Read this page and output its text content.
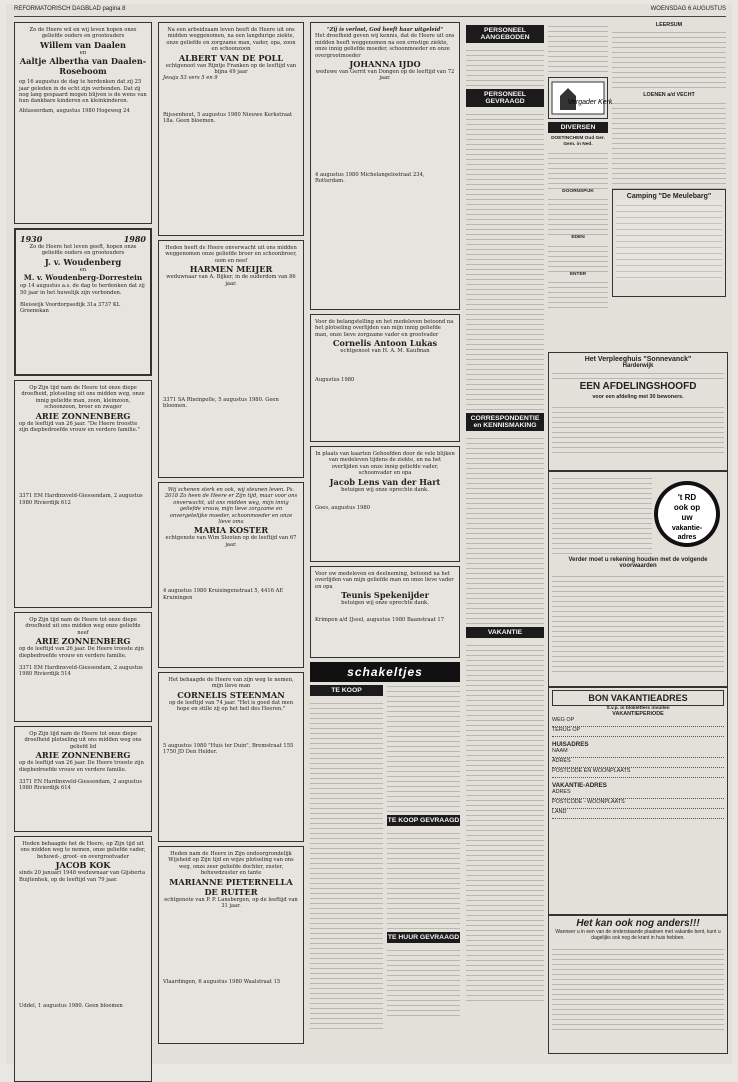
REFORMATORISCH DAGBLAD pagina 8	WOENSDAG 6 AUGUSTUS
Zo de Heere wil en wij leven hopen onze geliefde ouders en grootouders
Willem van Daalen
en
Aaltje Albertha van Daalen-Roseboom
op 16 augustus de dag te herdenken dat zij 25 jaar geleden in de echt zijn verbonden. Dat zij nog lang gespaard mogen blijven is de wens van hun dankbare kinderen en kleinkinderen.
Ablasserdam, augustus 1980 Hogeweg 24
1930	1980
Zo de Heere het leven geeft, hopen onze geliefde ouders en grootouders
J. v. Woudenberg
en
M. v. Woudenberg-Dorrestein
op 14 augustus a.s. de dag te herdenken dat zij 50 jaar in het huwelijk zijn verbonden.
Bleiswijk Voordorpsedijk 31a 3737 KL Groenekan
Op Zijn tijd nam de Heere tot onze diepe droefheid, plotseling uit ons midden weg, onze innig geliefde man, zoon, kleinzoon, schoonzoon, broer en zwager
ARIE ZONNENBERG
op de leeftijd van 26 jaar. "De Heere troostte zijn diepbedroefde vrouw en verdere familie."
3371 EM Hardinxveld-Giessendam, 2 augustus 1980 Rivierdijk 612
Op Zijn tijd nam de Heere tot onze diepe droefheid uit ons midden weg onze geliefde neef
ARIE ZONNENBERG
op de leeftijd van 26 jaar. De Heere trooste zijn diepbedroefde vrouw en verdere familie.
3371 EM Hardinxveld-Giessendam, 2 augustus 1980 Rivierdijk 514
Op Zijn tijd nam de Heere tot onze diepe droefheid plotseling uit ons midden weg ons geliefd lid
ARIE ZONNENBERG
op de leeftijd van 26 jaar. De Heere trooste zijn diepbedroefde vrouw en verdere familie.
3371 EN Hardinxveld-Giessendam, 2 augustus 1980 Rivierdijk 614
Heden behaagde het de Heere, op Zijn tijd uit ons midden weg te nemen, onze geliefde vader, behuwd-, groot- en overgrootvader
JACOB KOK
sinds 20 januari 1948 weduwnaar van Gijsberta Buijtenhek, op de leeftijd van 79 jaar.
Uddel, 1 augustus 1980. Geen bloemen
Na een arbeidzaam leven heeft de Heere uit ons midden weggenomen, na een langdurige ziekte, onze geliefde en zorgzame man, vader, opa, zoon en schoonzoon
ALBERT VAN DE POLL
echtgenoot van Rijntje Franken op de leeftijd van bijna 49 jaar
Jesaja 53 vers 5 en 9
Rijssenhout, 5 augustus 1980 Nieuwe Kerkstraat 18a. Geen bloemen.
Heden heeft de Heere onverwacht uit ons midden weggenomen onze geliefde broer en schoonbroer, oom en neef
HARMEN MEIJER
weduwnaar van A. Bijker, in de ouderdom van 86 jaar.
3371 SA Rheinpolle, 5 augustus 1980. Geen bloemen.
Wij schenen sterk en ook, wij steunen leven. Ps. 2018 Zo heen de Heere er Zijn tijd, maar voor ons onverwacht, uit ons midden weg, mijn innig geliefde vrouw, mijn lieve zorgzame en onvergetelijke moeder, schoonmoeder en onze lieve oma
MARIA KOSTER
echtgenote van Wim Slooten op de leeftijd van 67 jaar.
4 augustus 1980 Kruisingenstraat 5, 4416 AE Kruiningen
Het behaagde de Heere van zijn weg te nemen, mijn lieve man
CORNELIS STEENMAN
op de leeftijd van 74 jaar. "Het is goed dat men hope en stille zij op het heil des Heeren."
5 augustus 1980 "Huis ter Duin", Bremstraat 155 1750 JD Den Helder.
Heden nam de Heere in Zijn ondoorgrondelijk Wijsheid op Zijn tijd en wijze plotseling van ons weg, onze zeer geliefde dochter, zuster, behuwdzuster en tante
MARIANNE PIETERNELLA DE RUITER
echtgenote van P. P. Lansbergen, op de leeftijd van 31 jaar.
Vlaardingen, 6 augustus 1980 Waalstraat 15
"Zij is verlost, God heeft haar uitgeleid"
Het droefheid geven wij kennis, dat de Heere uit ons midden heeft weggenomen na een ernstige ziekte, onze innig geliefde moeder, schoonmoeder en onze overgrootmoeder
JOHANNA IJDO
weduwe van Gerrit van Dongen op de leeftijd van 72 jaar.
4 augustus 1980 Michelangelostraat 234, Rotterdam.
Voor de belangstelling en het medeleven betoond na het plotseling overlijden van mijn innig geliefde man, onze lieve zorgzame vader en grootvader
Cornelis Antoon Lukas
echtgenoot van H. A. M. Kaufman
Augustus 1980
In plaats van kaarten Gehoofden door de vele blijken van medeleven tijdens de ziekte, en na het overlijden van onze innig geliefde vader, schoonvader en opa
Jacob Lens van der Hart
betuigen wij onze oprechte dank.
Goes, augustus 1980
Voor uw medeleven en deelneming, betoond na het overlijden van mijn geliefde man en onze lieve vader en opa
Teunis Spekenijder
betuigen wij onze oprechte dank.
Krimpen a/d IJssel, augustus 1980 Baanstraat 17
schakeltjes
TE KOOP
TE KOOP GEVRAAGD
TE HUUR GEVRAAGD
PERSONEEL AANGEBODEN
PERSONEEL GEVRAAGD
CORRESPONDENTIE en KENNISMAKING
VAKANTIE
Vergader Kerk
DIVERSEN
DOETINCHEM Oud Ger. Gem. in Ned.
DOORNSPIJK
EDEN
ENTER
LEERSUM
LOENEN a/d VECHT
Camping "De Meulebarg"
Het Verpleeghuis "Sonnevanck"
Harderwijk
EEN AFDELINGSHOOFD
voor een afdeling met 30 bewoners.
't RD
ook op
uw
vakantie-
adres
Verder moet u rekening houden met de volgende voorwaarden
BON VAKANTIEADRES
S.v.p. in blokletters invullen
VAKANTIEPERIODE
WEG OP
TERUG OP
HUISADRES
NAAM
ADRES
POSTCODE EN WOONPLAATS
VAKANTIE-ADRES
ADRES
POSTCODE - WOONPLAATS
LAND
Het kan ook nog anders!!!
Wanneer u in een van de onderstaande plaatsen met vakantie bent, kunt u dagelijks ook nog de krant in huis hebben.
